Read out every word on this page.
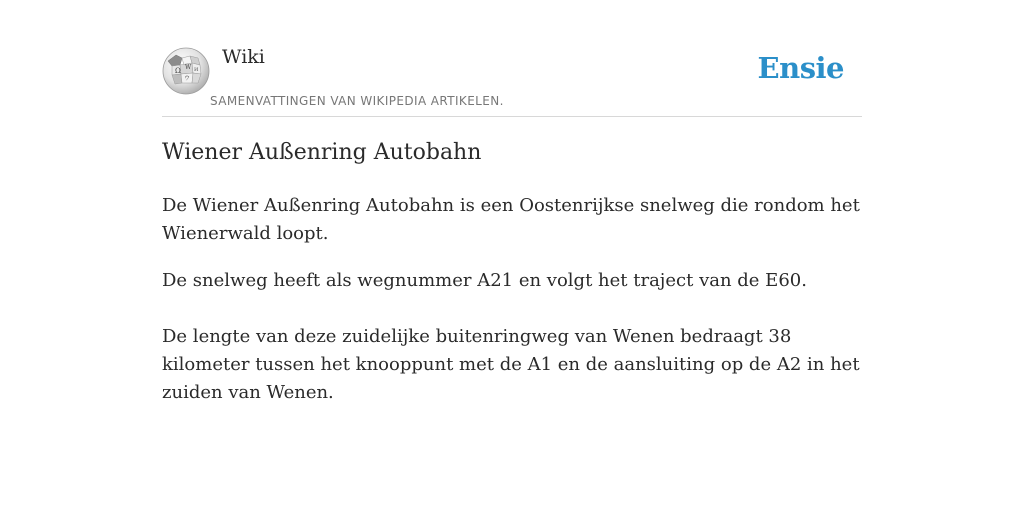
Ω W И
ウ
Wiki
SAMENVATTINGEN VAN WIKIPEDIA ARTIKELEN.
Ensie
Wiener Außenring Autobahn

De Wiener Außenring Autobahn is een Oostenrijkse snelweg die rondom het Wienerwald loopt.

De snelweg heeft als wegnummer A21 en volgt het traject van de E60.

De lengte van deze zuidelijke buitenringweg van Wenen bedraagt 38 kilometer tussen het knooppunt met de A1 en de aansluiting op de A2 in het zuiden van Wenen.
